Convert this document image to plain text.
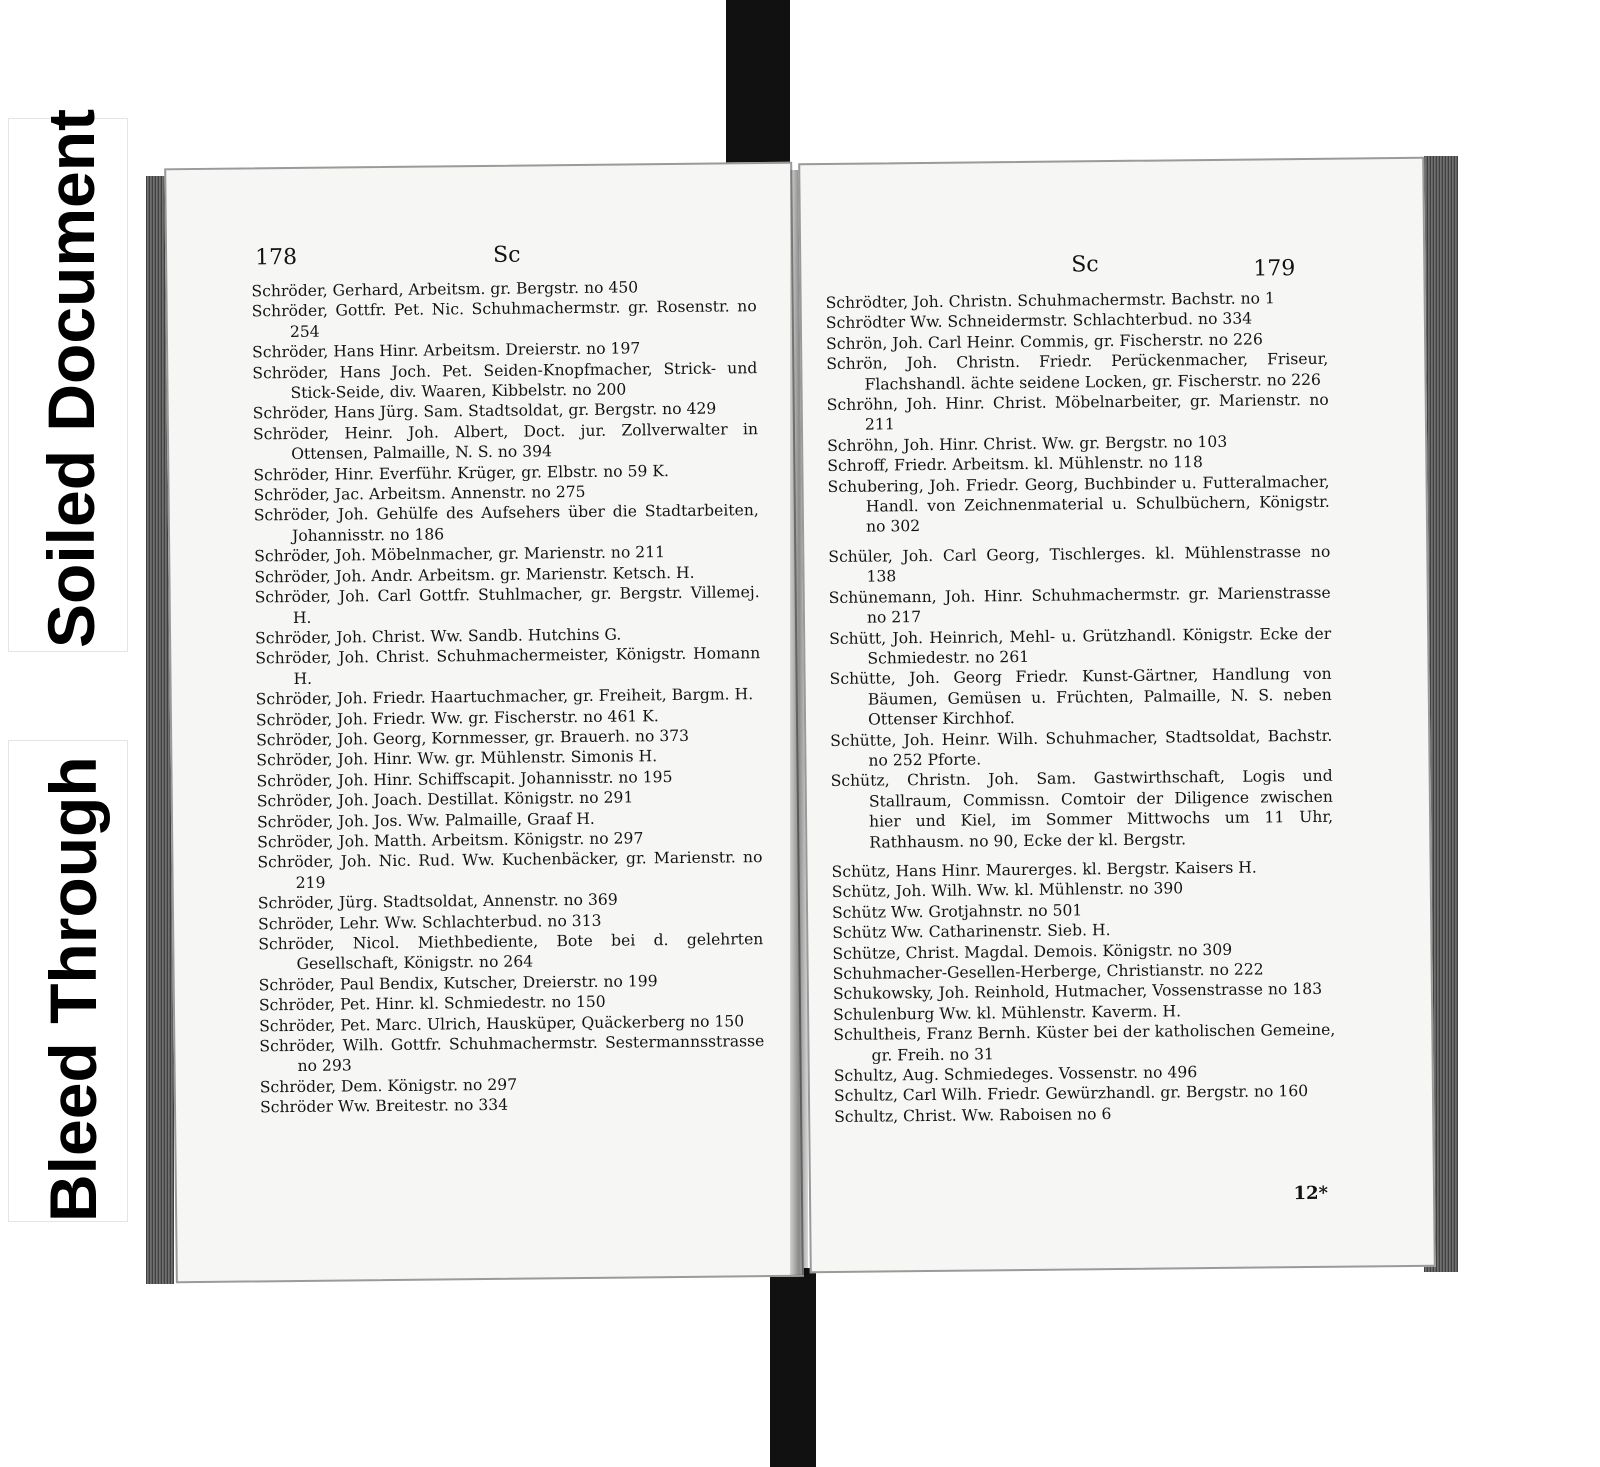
Soiled Document
Bleed Through
178	Sc
Schröder, Gerhard, Arbeitsm. gr. Bergstr. no 450
Schröder, Gottfr. Pet. Nic. Schuhmachermstr. gr. Rosenstr. no 254
Schröder, Hans Hinr. Arbeitsm. Dreierstr. no 197
Schröder, Hans Joch. Pet. Seiden-Knopfmacher, Strick- und Stick-Seide, div. Waaren, Kibbelstr. no 200
Schröder, Hans Jürg. Sam. Stadtsoldat, gr. Bergstr. no 429
Schröder, Heinr. Joh. Albert, Doct. jur. Zollverwalter in Ottensen, Palmaille, N. S. no 394
Schröder, Hinr. Everführ. Krüger, gr. Elbstr. no 59 K.
Schröder, Jac. Arbeitsm. Annenstr. no 275
Schröder, Joh. Gehülfe des Aufsehers über die Stadtarbeiten, Johannisstr. no 186
Schröder, Joh. Möbelnmacher, gr. Marienstr. no 211
Schröder, Joh. Andr. Arbeitsm. gr. Marienstr. Ketsch. H.
Schröder, Joh. Carl Gottfr. Stuhlmacher, gr. Bergstr. Villemej. H.
Schröder, Joh. Christ. Ww. Sandb. Hutchins G.
Schröder, Joh. Christ. Schuhmachermeister, Königstr. Homann H.
Schröder, Joh. Friedr. Haartuchmacher, gr. Freiheit, Bargm. H.
Schröder, Joh. Friedr. Ww. gr. Fischerstr. no 461 K.
Schröder, Joh. Georg, Kornmesser, gr. Brauerh. no 373
Schröder, Joh. Hinr. Ww. gr. Mühlenstr. Simonis H.
Schröder, Joh. Hinr. Schiffscapit. Johannisstr. no 195
Schröder, Joh. Joach. Destillat. Königstr. no 291
Schröder, Joh. Jos. Ww. Palmaille, Graaf H.
Schröder, Joh. Matth. Arbeitsm. Königstr. no 297
Schröder, Joh. Nic. Rud. Ww. Kuchenbäcker, gr. Marienstr. no 219
Schröder, Jürg. Stadtsoldat, Annenstr. no 369
Schröder, Lehr. Ww. Schlachterbud. no 313
Schröder, Nicol. Miethbediente, Bote bei d. gelehrten Gesellschaft, Königstr. no 264
Schröder, Paul Bendix, Kutscher, Dreierstr. no 199
Schröder, Pet. Hinr. kl. Schmiedestr. no 150
Schröder, Pet. Marc. Ulrich, Hausküper, Quäckerberg no 150
Schröder, Wilh. Gottfr. Schuhmachermstr. Sestermannsstrasse no 293
Schröder, Dem. Königstr. no 297
Schröder Ww. Breitestr. no 334
Sc	179
Schrödter, Joh. Christn. Schuhmachermstr. Bachstr. no 1
Schrödter Ww. Schneidermstr. Schlachterbud. no 334
Schrön, Joh. Carl Heinr. Commis, gr. Fischerstr. no 226
Schrön, Joh. Christn. Friedr. Perückenmacher, Friseur, Flachshandl. ächte seidene Locken, gr. Fischerstr. no 226
Schröhn, Joh. Hinr. Christ. Möbelnarbeiter, gr. Marienstr. no 211
Schröhn, Joh. Hinr. Christ. Ww. gr. Bergstr. no 103
Schroff, Friedr. Arbeitsm. kl. Mühlenstr. no 118
Schubering, Joh. Friedr. Georg, Buchbinder u. Futteralmacher, Handl. von Zeichnenmaterial u. Schulbüchern, Königstr. no 302
Schüler, Joh. Carl Georg, Tischlerges. kl. Mühlenstrasse no 138
Schünemann, Joh. Hinr. Schuhmachermstr. gr. Marienstrasse no 217
Schütt, Joh. Heinrich, Mehl- u. Grützhandl. Königstr. Ecke der Schmiedestr. no 261
Schütte, Joh. Georg Friedr. Kunst-Gärtner, Handlung von Bäumen, Gemüsen u. Früchten, Palmaille, N. S. neben Ottenser Kirchhof.
Schütte, Joh. Heinr. Wilh. Schuhmacher, Stadtsoldat, Bachstr. no 252 Pforte.
Schütz, Christn. Joh. Sam. Gastwirthschaft, Logis und Stallraum, Commissn. Comtoir der Diligence zwischen hier und Kiel, im Sommer Mittwochs um 11 Uhr, Rathhausm. no 90, Ecke der kl. Bergstr.
Schütz, Hans Hinr. Maurerges. kl. Bergstr. Kaisers H.
Schütz, Joh. Wilh. Ww. kl. Mühlenstr. no 390
Schütz Ww. Grotjahnstr. no 501
Schütz Ww. Catharinenstr. Sieb. H.
Schütze, Christ. Magdal. Demois. Königstr. no 309
Schuhmacher-Gesellen-Herberge, Christianstr. no 222
Schukowsky, Joh. Reinhold, Hutmacher, Vossenstrasse no 183
Schulenburg Ww. kl. Mühlenstr. Kaverm. H.
Schultheis, Franz Bernh. Küster bei der katholischen Gemeine, gr. Freih. no 31
Schultz, Aug. Schmiedeges. Vossenstr. no 496
Schultz, Carl Wilh. Friedr. Gewürzhandl. gr. Bergstr. no 160
Schultz, Christ. Ww. Raboisen no 6
12*
